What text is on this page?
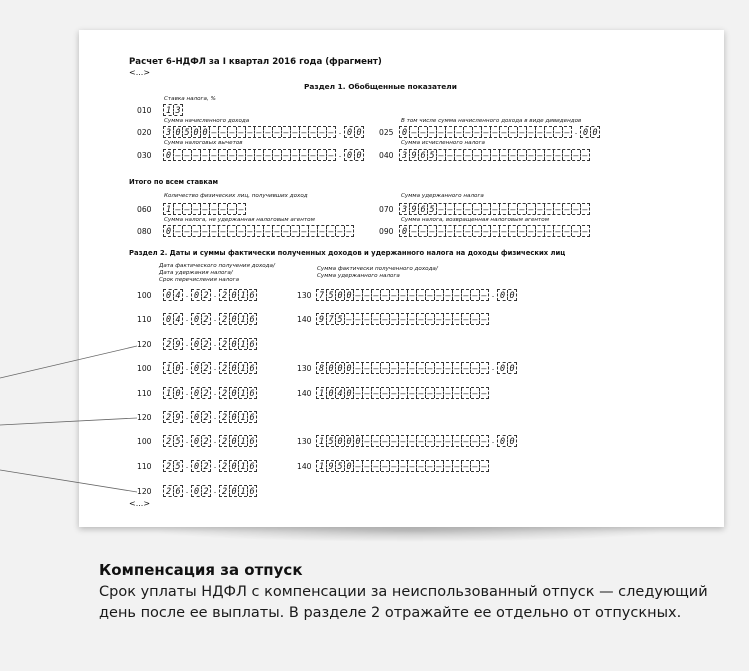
Расчет 6-НДФЛ за I квартал 2016 года (фрагмент)
<...>
Раздел 1. Обобщенные показатели
Ставка налога, %
010 1 3
Сумма начисленного дохода	В том числе сумма начисленного дохода в виде дивидендов
020 3 0 5 0 0 — — — — — — — — — — — — — — . 0 0 025 0 — — — — — — — — — — — — — — — — — — . 0 0
Сумма налоговых вычетов	Сумма исчисленного налога
030 0 — — — — — — — — — — — — — — — — — — . 0 0 040 3 9 6 5 — — — — — — — — — — — — — — — — —
Итого по всем ставкам
Количество физических лиц, получивших доход	Сумма удержанного налога
060 1 — — — — — — — —	070 3 9 6 5 — — — — — — — — — — — — — — — — —
Сумма налога, не удержанная налоговым агентом	Сумма налога, возвращенная налоговым агентом
080 0 — — — — — — — — — — — — — — — — — — — —	090 0 — — — — — — — — — — — — — — — — — — — —
Раздел 2. Даты и суммы фактически полученных доходов и удержанного налога на доходы физических лиц
Дата фактического получения дохода/
Дата удержания налога/
Срок перечисления налога
Сумма фактически полученного дохода/
Сумма удержанного налога
100 0 4 . 0 2 . 2 0 1 6	130 7 5 0 0 — — — — — — — — — — — — — — — . 0 0
110 0 4 . 0 2 . 2 0 1 6	140 9 7 5 — — — — — — — — — — — — — — — —
120 2 9 . 0 2 . 2 0 1 6
100 1 0 . 0 2 . 2 0 1 6	130 8 0 0 0 — — — — — — — — — — — — — — — . 0 0
110 1 0 . 0 2 . 2 0 1 6	140 1 0 4 0 — — — — — — — — — — — — — — —
120 2 9 . 0 2 . 2 0 1 6
100 2 5 . 0 2 . 2 0 1 6	130 1 5 0 0 0 — — — — — — — — — — — — — — . 0 0
110 2 5 . 0 2 . 2 0 1 6	140 1 9 5 0 — — — — — — — — — — — — — — —
120 2 6 . 0 2 . 2 0 1 6
<...>
Компенсация за отпуск
Срок уплаты НДФЛ с компенсации за неиспользованный отпуск — следующий день после ее выплаты. В разделе 2 отражайте ее отдельно от отпускных.
